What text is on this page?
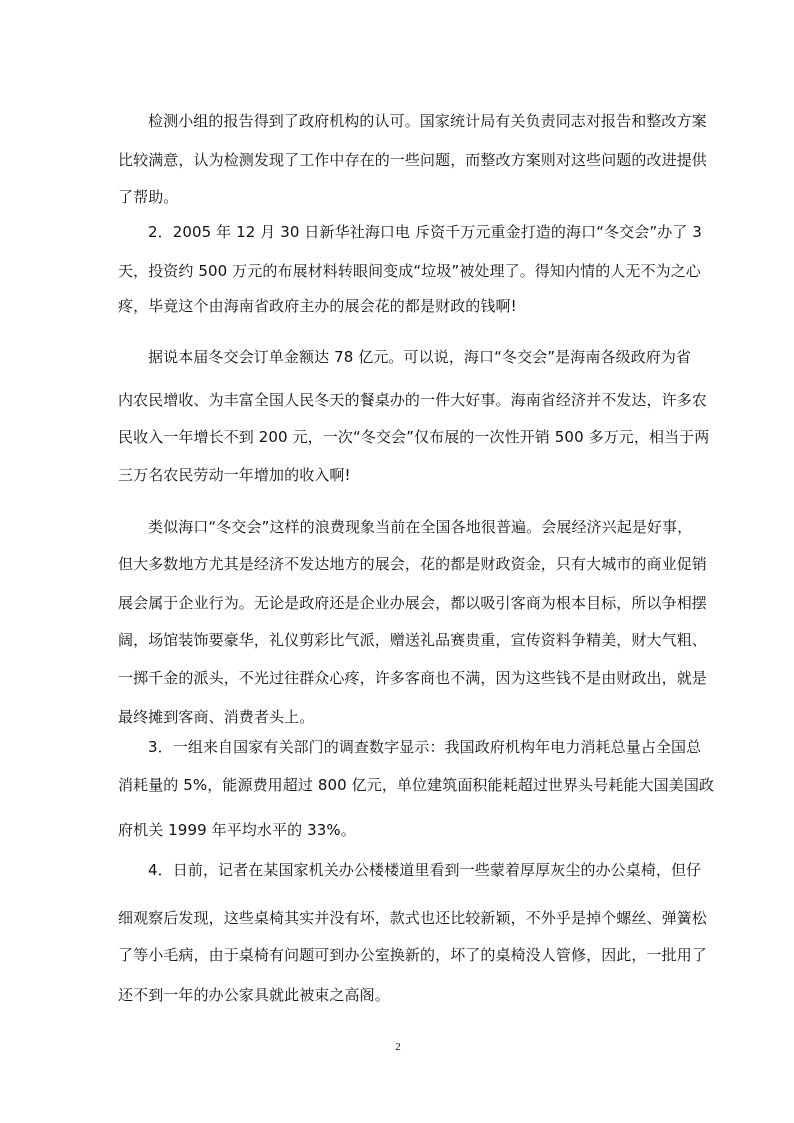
检测小组的报告得到了政府机构的认可。国家统计局有关负责同志对报告和整改方案
比较满意，认为检测发现了工作中存在的一些问题，而整改方案则对这些问题的改进提供
了帮助。
2．2005 年 12 月 30 日新华社海口电 斥资千万元重金打造的海口“冬交会”办了 3
天，投资约 500 万元的布展材料转眼间变成“垃圾”被处理了。得知内情的人无不为之心
疼，毕竟这个由海南省政府主办的展会花的都是财政的钱啊!
据说本届冬交会订单金额达 78 亿元。可以说，海口“冬交会”是海南各级政府为省
内农民增收、为丰富全国人民冬天的餐桌办的一件大好事。海南省经济并不发达，许多农
民收入一年增长不到 200 元，一次“冬交会”仅布展的一次性开销 500 多万元，相当于两
三万名农民劳动一年增加的收入啊!
类似海口“冬交会”这样的浪费现象当前在全国各地很普遍。会展经济兴起是好事，
但大多数地方尤其是经济不发达地方的展会，花的都是财政资金，只有大城市的商业促销
展会属于企业行为。无论是政府还是企业办展会，都以吸引客商为根本目标，所以争相摆
阔，场馆装饰要豪华，礼仪剪彩比气派，赠送礼品赛贵重，宣传资料争精美，财大气粗、
一掷千金的派头，不光过往群众心疼，许多客商也不满，因为这些钱不是由财政出，就是
最终摊到客商、消费者头上。
3．一组来自国家有关部门的调查数字显示：我国政府机构年电力消耗总量占全国总
消耗量的 5%，能源费用超过 800 亿元，单位建筑面积能耗超过世界头号耗能大国美国政
府机关 1999 年平均水平的 33%。
4．日前，记者在某国家机关办公楼楼道里看到一些蒙着厚厚灰尘的办公桌椅，但仔
细观察后发现，这些桌椅其实并没有坏，款式也还比较新颖，不外乎是掉个螺丝、弹簧松
了等小毛病，由于桌椅有问题可到办公室换新的，坏了的桌椅没人管修，因此，一批用了
还不到一年的办公家具就此被束之高阁。
2
